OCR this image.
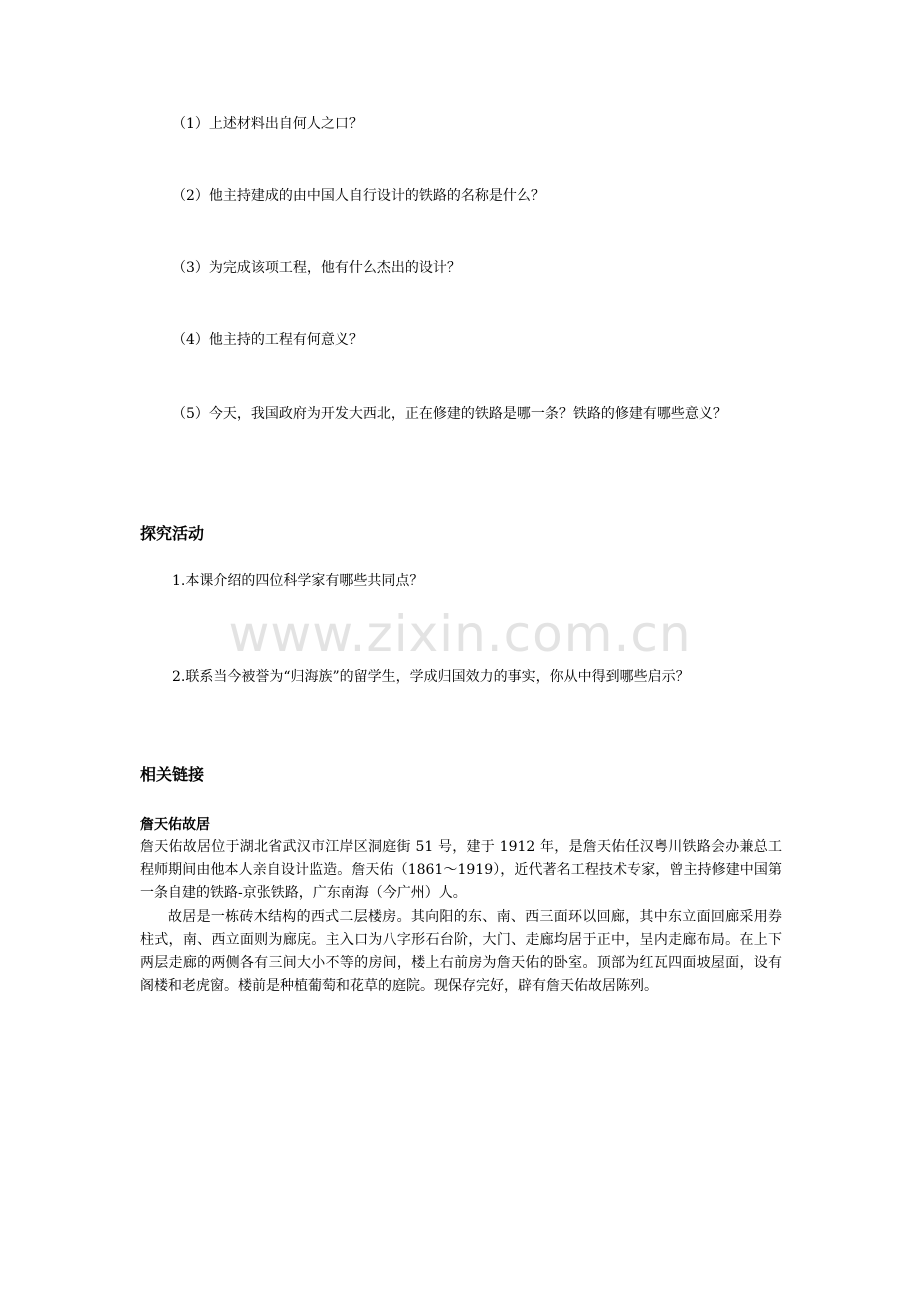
（1）上述材料出自何人之口？
（2）他主持建成的由中国人自行设计的铁路的名称是什么？
（3）为完成该项工程，他有什么杰出的设计？
（4）他主持的工程有何意义？
（5）今天，我国政府为开发大西北，正在修建的铁路是哪一条？铁路的修建有哪些意义？
探究活动
1.本课介绍的四位科学家有哪些共同点？
www.zixin.com.cn
2.联系当今被誉为“归海族”的留学生，学成归国效力的事实，你从中得到哪些启示？
相关链接
詹天佑故居
詹天佑故居位于湖北省武汉市江岸区洞庭街 51 号，建于 1912 年，是詹天佑任汉粤川铁路会办兼总工程师期间由他本人亲自设计监造。詹天佑（1861～1919），近代著名工程技术专家，曾主持修建中国第一条自建的铁路-京张铁路，广东南海（今广州）人。
故居是一栋砖木结构的西式二层楼房。其向阳的东、南、西三面环以回廊，其中东立面回廊采用券柱式，南、西立面则为廊庑。主入口为八字形石台阶，大门、走廊均居于正中，呈内走廊布局。在上下两层走廊的两侧各有三间大小不等的房间，楼上右前房为詹天佑的卧室。顶部为红瓦四面坡屋面，设有阁楼和老虎窗。楼前是种植葡萄和花草的庭院。现保存完好，辟有詹天佑故居陈列。
